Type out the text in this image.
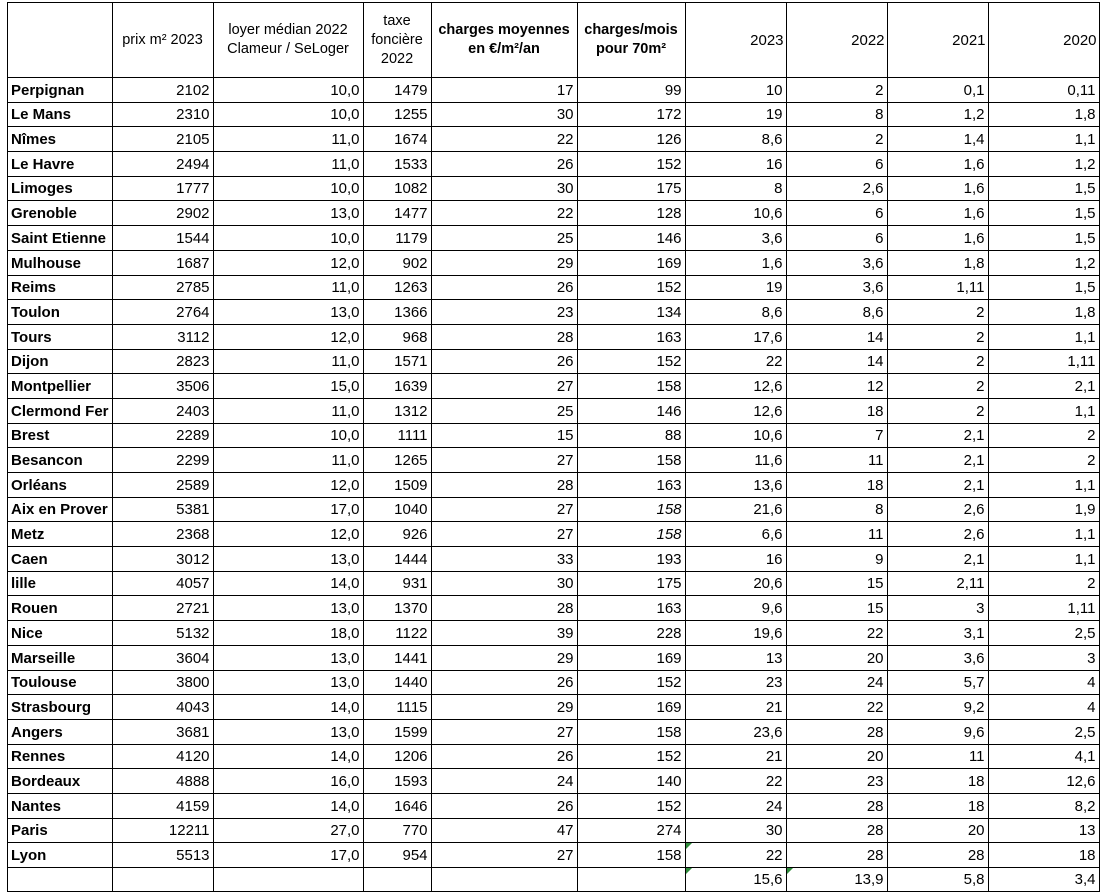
	prix m² 2023	loyer médian 2022 Clameur / SeLoger	taxe foncière 2022	charges moyennes en €/m²/an	charges/mois pour 70m²	2023	2022	2021	2020
Perpignan	2102	10,0	1479	17	99	10	2	0,1	0,11
Le Mans	2310	10,0	1255	30	172	19	8	1,2	1,8
Nîmes	2105	11,0	1674	22	126	8,6	2	1,4	1,1
Le Havre	2494	11,0	1533	26	152	16	6	1,6	1,2
Limoges	1777	10,0	1082	30	175	8	2,6	1,6	1,5
Grenoble	2902	13,0	1477	22	128	10,6	6	1,6	1,5
Saint Etienne	1544	10,0	1179	25	146	3,6	6	1,6	1,5
Mulhouse	1687	12,0	902	29	169	1,6	3,6	1,8	1,2
Reims	2785	11,0	1263	26	152	19	3,6	1,11	1,5
Toulon	2764	13,0	1366	23	134	8,6	8,6	2	1,8
Tours	3112	12,0	968	28	163	17,6	14	2	1,1
Dijon	2823	11,0	1571	26	152	22	14	2	1,11
Montpellier	3506	15,0	1639	27	158	12,6	12	2	2,1
Clermond Fer	2403	11,0	1312	25	146	12,6	18	2	1,1
Brest	2289	10,0	1111	15	88	10,6	7	2,1	2
Besancon	2299	11,0	1265	27	158	11,6	11	2,1	2
Orléans	2589	12,0	1509	28	163	13,6	18	2,1	1,1
Aix en Prover	5381	17,0	1040	27	158	21,6	8	2,6	1,9
Metz	2368	12,0	926	27	158	6,6	11	2,6	1,1
Caen	3012	13,0	1444	33	193	16	9	2,1	1,1
lille	4057	14,0	931	30	175	20,6	15	2,11	2
Rouen	2721	13,0	1370	28	163	9,6	15	3	1,11
Nice	5132	18,0	1122	39	228	19,6	22	3,1	2,5
Marseille	3604	13,0	1441	29	169	13	20	3,6	3
Toulouse	3800	13,0	1440	26	152	23	24	5,7	4
Strasbourg	4043	14,0	1115	29	169	21	22	9,2	4
Angers	3681	13,0	1599	27	158	23,6	28	9,6	2,5
Rennes	4120	14,0	1206	26	152	21	20	11	4,1
Bordeaux	4888	16,0	1593	24	140	22	23	18	12,6
Nantes	4159	14,0	1646	26	152	24	28	18	8,2
Paris	12211	27,0	770	47	274	30	28	20	13
Lyon	5513	17,0	954	27	158	22	28	28	18
						15,6	13,9	5,8	3,4
